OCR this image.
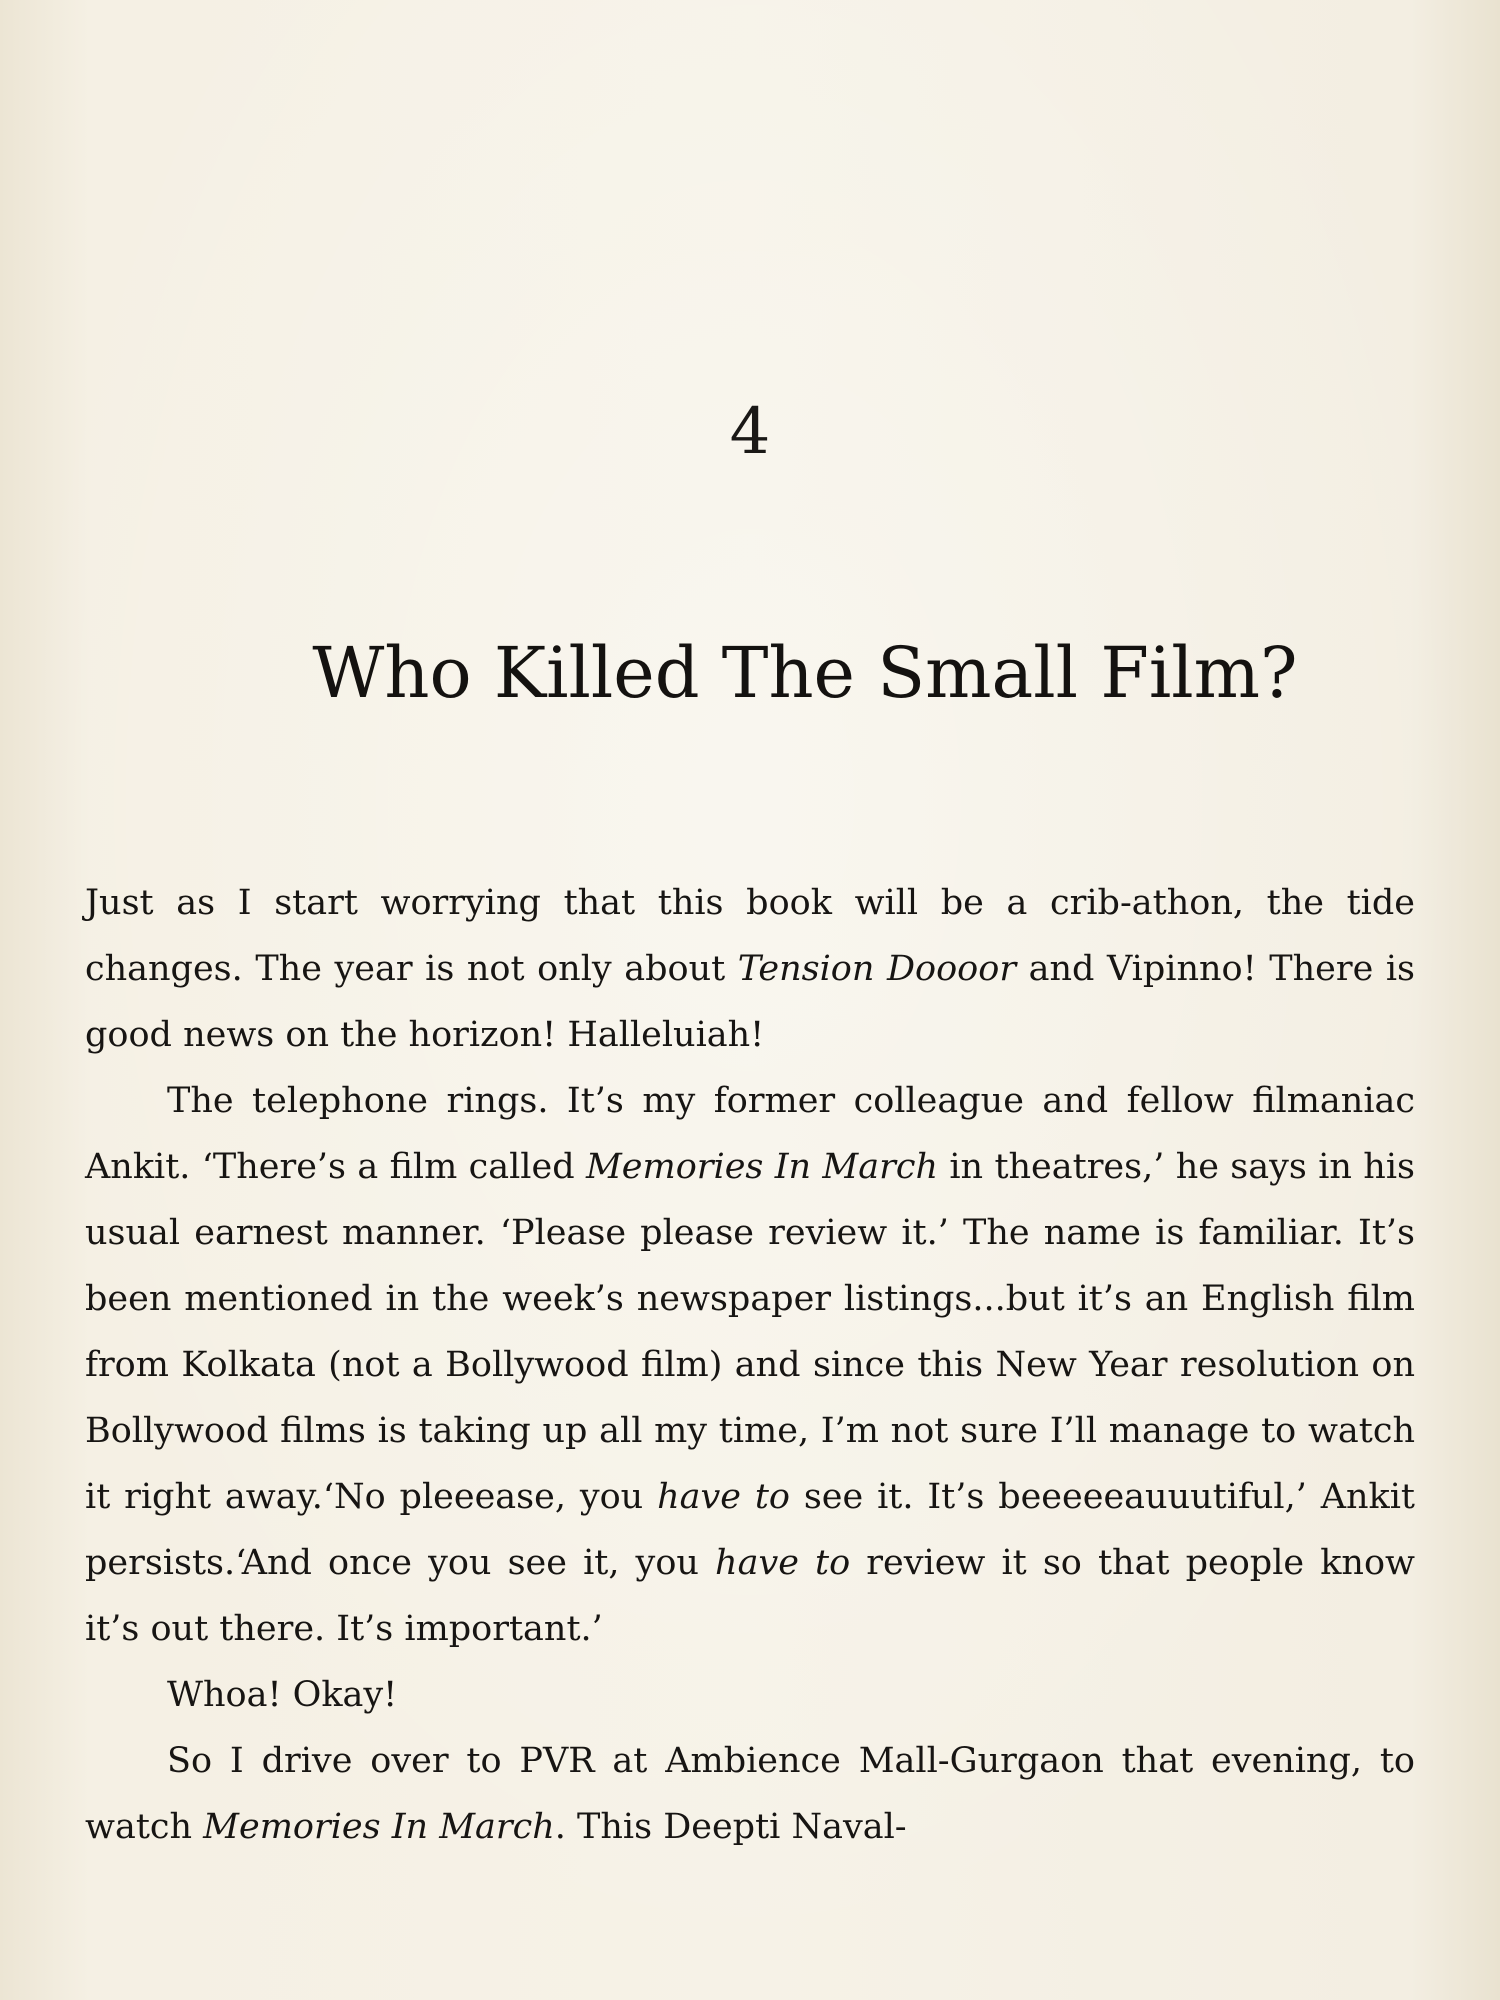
4
Who Killed The Small Film?

Just as I start worrying that this book will be a crib-athon, the tide changes. The year is not only about Tension Doooor and Vipinno! There is good news on the horizon! Halleluiah!

The telephone rings. It’s my former colleague and fellow filmaniac Ankit. ‘There’s a film called Memories In March in theatres,’ he says in his usual earnest manner. ‘Please please review it.’ The name is familiar. It’s been mentioned in the week’s newspaper listings...but it’s an English film from Kolkata (not a Bollywood film) and since this New Year resolution on Bollywood films is taking up all my time, I’m not sure I’ll manage to watch it right away.‘No pleeease, you have to see it. It’s beeeeeauuutiful,’ Ankit persists.‘And once you see it, you have to review it so that people know it’s out there. It’s important.’

Whoa! Okay!

So I drive over to PVR at Ambience Mall-Gurgaon that evening, to watch Memories In March. This Deepti Naval-
